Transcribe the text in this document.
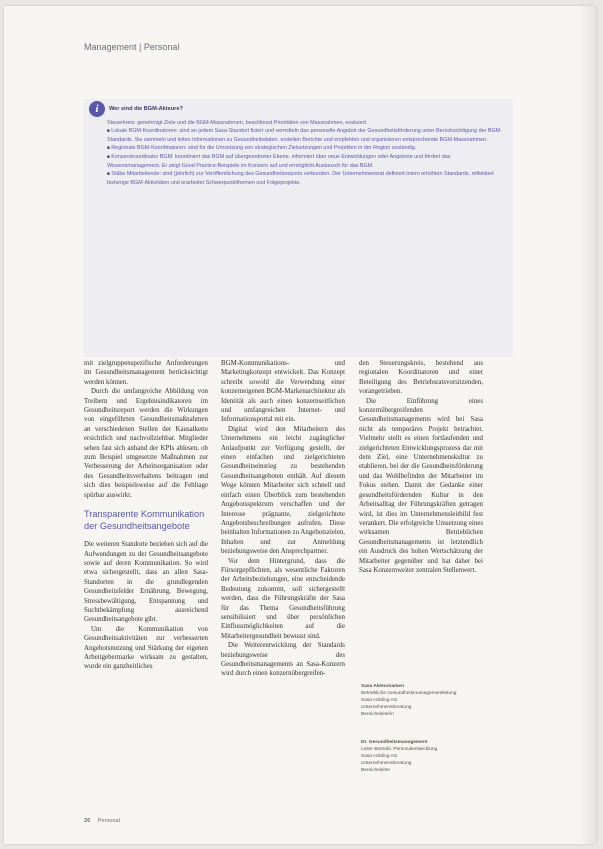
Management | Personal
i	Wer sind die BGM-Akteure?

Steuerkreis: genehmigt Ziele und die BGM-Massnahmen, beschliesst Prioritäten von Massnahmen, evaluiert.

■ Lokale BGM-Koordinatoren: sind an jedem Sasa-Standort fixiert und vermitteln das personelle Angebot der Gesundheitsförderung unter Berücksichtigung der BGM-Standards. Sie sammeln und leiten Informationen zu Gesundheitsdaten, erstellen Berichte und empfehlen und organisieren entsprechende BGM-Massnahmen.

■ Regionale BGM-Koordinatoren: sind für die Umsetzung von strategischen Zielsetzungen und Projekten in der Region zuständig.

■ Konzernkoordinator BGM: koordiniert das BGM auf übergeordneter Ebene, informiert über neue Entwicklungen oder Angebote und fördert das Wissensmanagement. Er zeigt Good Practice-Beispiele im Konzern auf und ermöglicht Austausch für das BGM.

■ Stäbe Mitarbeitende: sind (jährlich) zur Veröffentlichung des Gesundheitsreports verbunden. Der Unternehmensrat definiert intern erhöhten Standards, reflektiert bisherige BGM-Aktivitäten und erarbeitet Schwerpunktthemen und Folgeprojekte.

mit zielgruppenspezifische Anforderungen im Gesundheitsmanagement berücksichtigt werden können.

Durch die umfangreiche Abbildung von Treibern und Ergebnisindikatoren im Gesundheitsreport werden die Wirkungen von eingeführten Gesundheitsmaßnahmen an verschiedenen Stellen der Kausalkette ersichtlich und nachvollziehbar. Mitglieder sehen fast sich anhand der KPIs ablesen, ob zum Beispiel umgesetzte Maßnahmen zur Verbesserung der Arbeitsorganisation oder des Gesundheitsverhaltens beitragen und sich dies beispielsweise auf die Fehltage spürbar auswirkt.

Transparente Kommunikation der Gesundheitsangebote

Die weiteren Standorte beziehen sich auf die Aufwendungen zu der Gesundheitsangebote sowie auf deren Kommunikation. So wird etwa sichergestellt, dass an allen Sasa-Standorten in die grundlegenden Gesundheitsfelder Ernährung, Bewegung, Stressbewältigung, Entspannung und Suchtbekämpfung ausreichend Gesundheitsangebote gibt.

Um die Kommunikation von Gesundheitsaktivitäten zur verbesserten Angebotsnutzung und Stärkung der eigenen Arbeitgebermarke wirksam zu gestalten, wurde ein ganzheitliches

BGM-Kommunikations- und Marketingkonzept entwickelt. Das Konzept schreibt sowohl die Verwendung einer konzerneigenen BGM-Markenarchitektur als Identität als auch einen konzernseitlichen und umfangreichen Internet- und Informationsportal mit ein.

Digital wird den Mitarbeitern des Unternehmens ein leicht zugänglicher Anlaufpunkt zur Verfügung gestellt, der einen einfachen und zielgerichteten Gesundheitseinstieg zu bestehenden Gesundheitsangeboten enthält. Auf diesem Wege können Mitarbeiter sich schnell und einfach einen Überblick zum bestehenden Angebotsspektrum verschaffen und der Interesse prägnante, zielgerichtete Angebotsbeschreibungen aufrufen. Diese beinhalten Informationen zu Angebotszielen, Inhalten und zur Anmeldung beziehungsweise den Ansprechpartner.

Vor dem Hintergrund, dass die Fürsorgepflichten, als wesentliche Faktoren der Arbeitsbeziehungen, eine entscheidende Bedeutung zukommt, soll sichergestellt werden, dass die Führungskräfte der Sasa für das Thema Gesundheitsführung sensibilisiert und über persönlichen Einflussmöglichkeiten auf die Mitarbeitergesundheit bewusst sind.

Die Weiterentwicklung der Standards beziehungsweise des Gesundheitsmanagements an Sasa-Konzern wird durch einen konzernübergreifen-

den Steuerungskreis, bestehend aus regionalen Koordinatoren und einer Beteiligung des Betriebsratsvorsitzenden, vorangetrieben.

Die Einführung eines konzernübergreifenden Gesundheitsmanagements wird bei Sasa nicht als temporäres Projekt betrachtet. Vielmehr stellt es einen fortlaufenden und zielgerichteten Entwicklungsprozess dar mit dem Ziel, eine Unternehmenskultur zu etablieren, bei der die Gesundheitsförderung und das Wohlbefinden der Mitarbeiter im Fokus stehen. Damit der Gedanke einer gesundheitsfördernden Kultur in den Arbeitsalltag der Führungskräften getragen wird, ist dies im Unternehmensleitbild fest verankert. Die erfolgreiche Umsetzung eines wirksamen Betrieblichen Gesundheitsmanagements ist letztendlich ein Ausdruck des hohen Wertschätzung der Mitarbeiter gegenüber und hat daher bei Sasa Konzernweiter zentralen Stellenwert.

Sasa Akteurnamen

Betriebliche Gesundheitsmanagementleitung

Sasa Holding AG

Unternehmensberatung

Bereichsleiterin

Dr. Gesundheitsmanagement

Leiter Betriebl. Personalentwicklung

Sasa Holding AG

Unternehmensberatung

Bereichsleiter

26 Personal
